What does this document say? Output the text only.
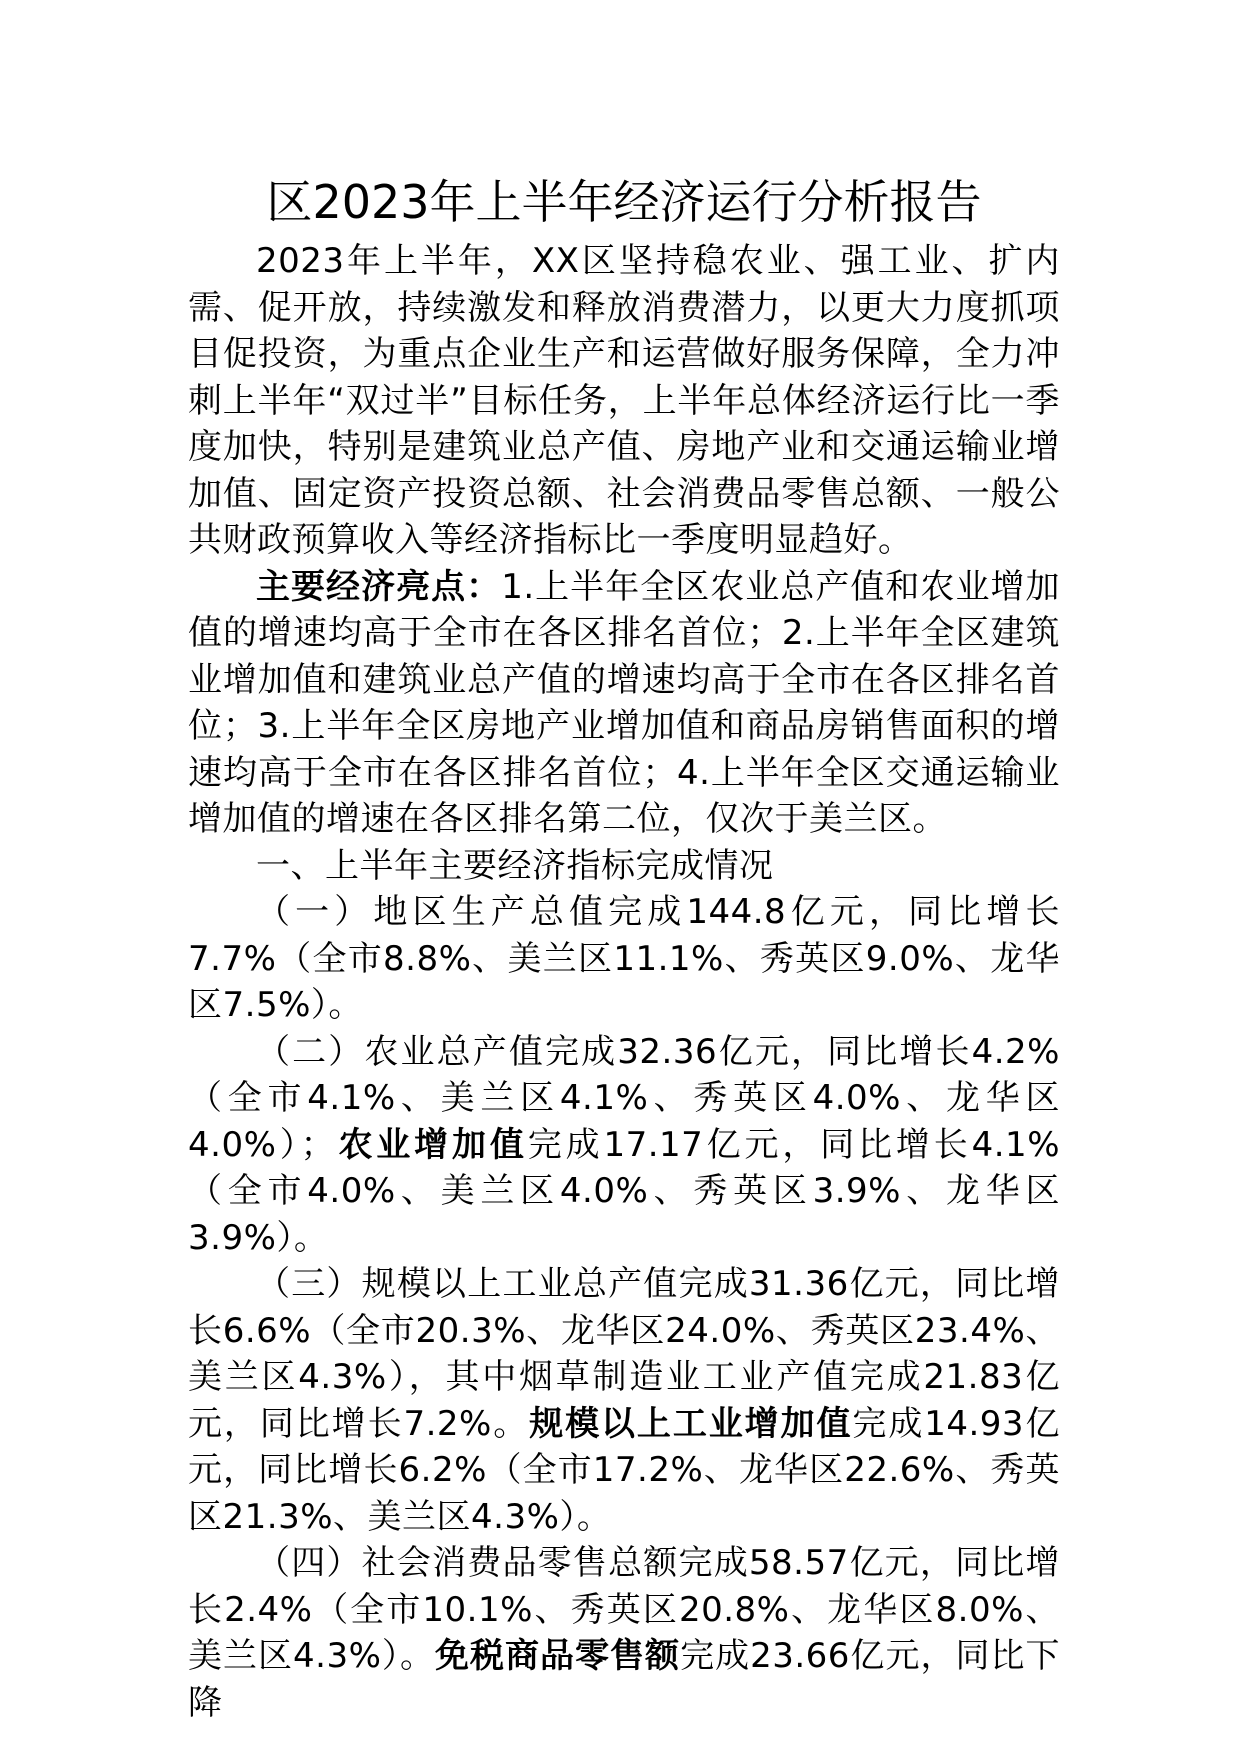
区2023年上半年经济运行分析报告

2023年上半年，XX区坚持稳农业、强工业、扩内需、促开放，持续激发和释放消费潜力，以更大力度抓项目促投资，为重点企业生产和运营做好服务保障，全力冲刺上半年“双过半”目标任务，上半年总体经济运行比一季度加快，特别是建筑业总产值、房地产业和交通运输业增加值、固定资产投资总额、社会消费品零售总额、一般公共财政预算收入等经济指标比一季度明显趋好。

主要经济亮点：1.上半年全区农业总产值和农业增加值的增速均高于全市在各区排名首位；2.上半年全区建筑业增加值和建筑业总产值的增速均高于全市在各区排名首位；3.上半年全区房地产业增加值和商品房销售面积的增速均高于全市在各区排名首位；4.上半年全区交通运输业增加值的增速在各区排名第二位，仅次于美兰区。

一、上半年主要经济指标完成情况

（一）地区生产总值完成144.8亿元，同比增长7.7%（全市8.8%、美兰区11.1%、秀英区9.0%、龙华区7.5%）。

（二）农业总产值完成32.36亿元，同比增长4.2%（全市4.1%、美兰区4.1%、秀英区4.0%、龙华区4.0%）；农业增加值完成17.17亿元，同比增长4.1%（全市4.0%、美兰区4.0%、秀英区3.9%、龙华区3.9%）。

（三）规模以上工业总产值完成31.36亿元，同比增长6.6%（全市20.3%、龙华区24.0%、秀英区23.4%、美兰区4.3%），其中烟草制造业工业产值完成21.83亿元，同比增长7.2%。规模以上工业增加值完成14.93亿元，同比增长6.2%（全市17.2%、龙华区22.6%、秀英区21.3%、美兰区4.3%）。

（四）社会消费品零售总额完成58.57亿元，同比增长2.4%（全市10.1%、秀英区20.8%、龙华区8.0%、美兰区4.3%）。免税商品零售额完成23.66亿元，同比下降
